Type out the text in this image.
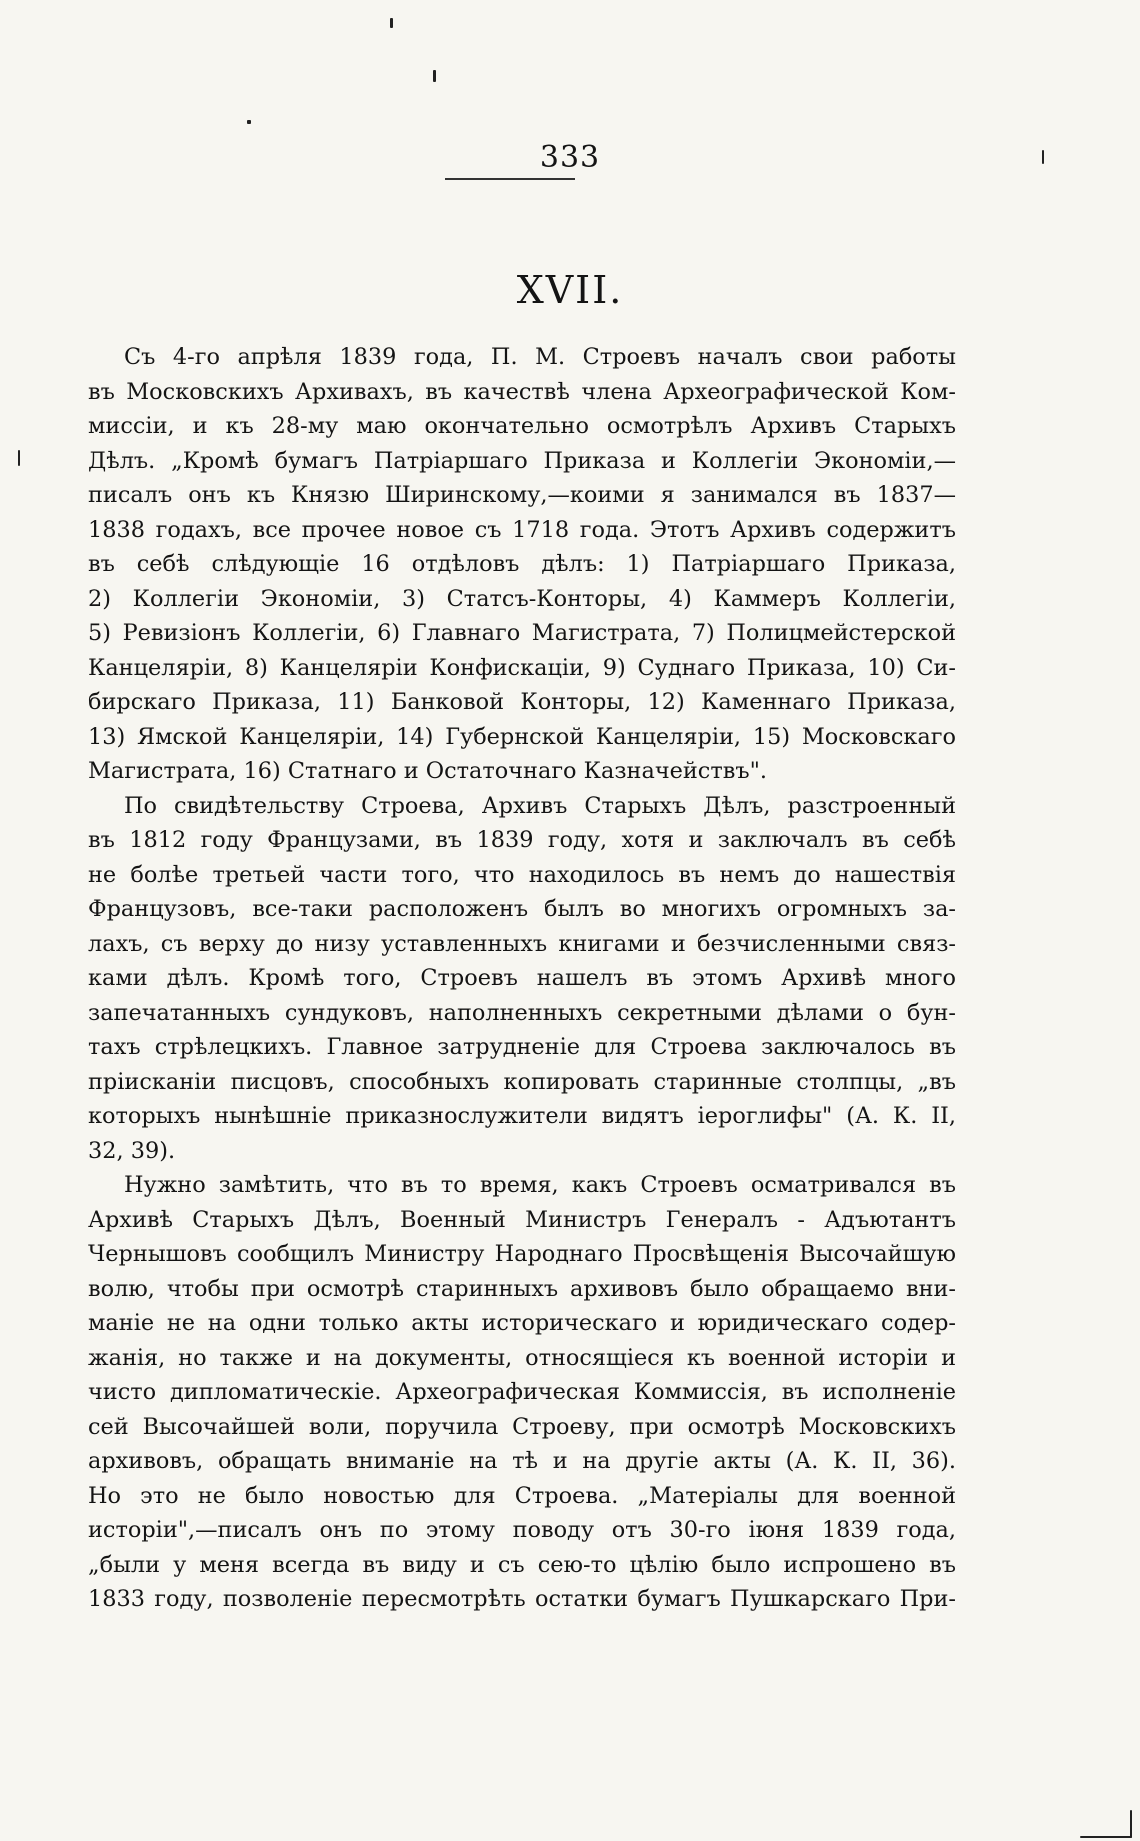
333
XVII.
Съ 4-го апрѣля 1839 года, П. М. Строевъ началъ свои работы
въ Московскихъ Архивахъ, въ качествѣ члена Археографической Ком-
миссіи, и къ 28-му маю окончательно осмотрѣлъ Архивъ Старыхъ
Дѣлъ. „Кромѣ бумагъ Патріаршаго Приказа и Коллегіи Экономіи,—
писалъ онъ къ Князю Ширинскому,—коими я занимался въ 1837—
1838 годахъ, все прочее новое съ 1718 года. Этотъ Архивъ содержитъ
въ себѣ слѣдующіе 16 отдѣловъ дѣлъ: 1) Патріаршаго Приказа,
2) Коллегіи Экономіи, 3) Статсъ-Конторы, 4) Каммеръ Коллегіи,
5) Ревизіонъ Коллегіи, 6) Главнаго Магистрата, 7) Полицмейстерской
Канцеляріи, 8) Канцеляріи Конфискаціи, 9) Суднаго Приказа, 10) Си-
бирскаго Приказа, 11) Банковой Конторы, 12) Каменнаго Приказа,
13) Ямской Канцеляріи, 14) Губернской Канцеляріи, 15) Московскаго
Магистрата, 16) Статнаго и Остаточнаго Казначействъ".
По свидѣтельству Строева, Архивъ Старыхъ Дѣлъ, разстроенный
въ 1812 году Французами, въ 1839 году, хотя и заключалъ въ себѣ
не болѣе третьей части того, что находилось въ немъ до нашествія
Французовъ, все-таки расположенъ былъ во многихъ огромныхъ за-
лахъ, съ верху до низу уставленныхъ книгами и безчисленными связ-
ками дѣлъ. Кромѣ того, Строевъ нашелъ въ этомъ Архивѣ много
запечатанныхъ сундуковъ, наполненныхъ секретными дѣлами о бун-
тахъ стрѣлецкихъ. Главное затрудненіе для Строева заключалось въ
пріисканіи писцовъ, способныхъ копировать старинные столпцы, „въ
которыхъ нынѣшніе приказнослужители видятъ іероглифы" (А. К. II,
32, 39).
Нужно замѣтить, что въ то время, какъ Строевъ осматривался въ
Архивѣ Старыхъ Дѣлъ, Военный Министръ Генералъ - Адъютантъ
Чернышовъ сообщилъ Министру Народнаго Просвѣщенія Высочайшую
волю, чтобы при осмотрѣ старинныхъ архивовъ было обращаемо вни-
маніе не на одни только акты историческаго и юридическаго содер-
жанія, но также и на документы, относящіеся къ военной исторіи и
чисто дипломатическіе. Археографическая Коммиссія, въ исполненіе
сей Высочайшей воли, поручила Строеву, при осмотрѣ Московскихъ
архивовъ, обращать вниманіе на тѣ и на другіе акты (А. К. II, 36).
Но это не было новостью для Строева. „Матеріалы для военной
исторіи",—писалъ онъ по этому поводу отъ 30-го іюня 1839 года,
„были у меня всегда въ виду и съ сею-то цѣлію было испрошено въ
1833 году, позволеніе пересмотрѣть остатки бумагъ Пушкарскаго При-
